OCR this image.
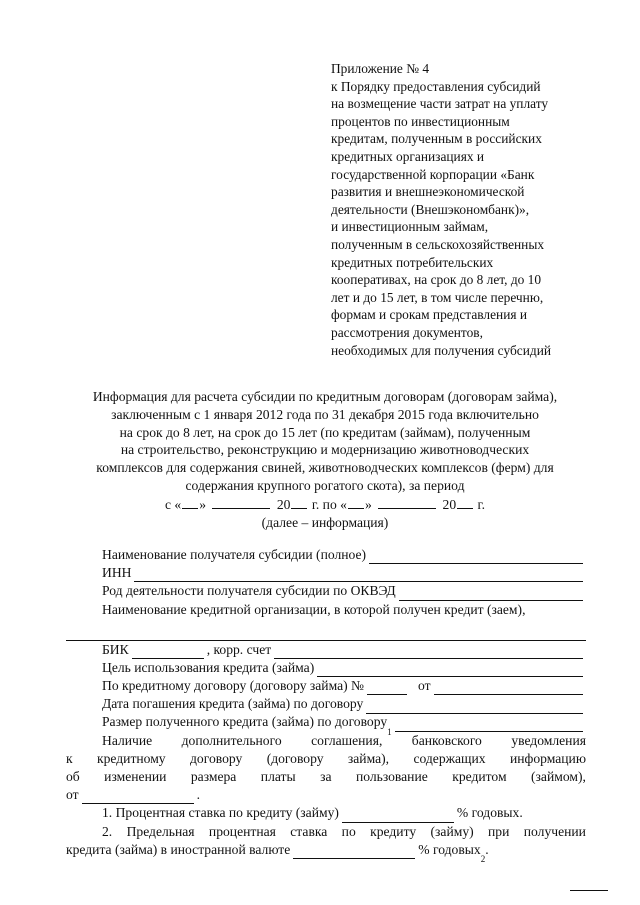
Приложение № 4
к Порядку предоставления субсидий
на возмещение части затрат на уплату
процентов по инвестиционным
кредитам, полученным в российских
кредитных организациях и
государственной корпорации «Банк
развития и внешнеэкономической
деятельности (Внешэкономбанк)»,
и инвестиционным займам,
полученным в сельскохозяйственных
кредитных потребительских
кооперативах, на срок до 8 лет, до 10
лет и до 15 лет, в том числе перечню,
формам и срокам представления и
рассмотрения документов,
необходимых для получения субсидий
Информация для расчета субсидии по кредитным договорам (договорам займа),
заключенным с 1 января 2012 года по 31 декабря 2015 года включительно
на срок до 8 лет, на срок до 15 лет (по кредитам (займам), полученным
на строительство, реконструкцию и модернизацию животноводческих
комплексов для содержания свиней, животноводческих комплексов (ферм) для
содержания крупного рогатого скота), за период
с « »	20 г. по « »	20 г.
(далее – информация)
Наименование получателя субсидии (полное)
ИНН
Род деятельности получателя субсидии по ОКВЭД
Наименование кредитной организации, в которой получен кредит (заем),
БИК	, корр. счет
Цель использования кредита (займа)
По кредитному договору (договору займа) №	от
Дата погашения кредита (займа) по договору
Размер полученного кредита (займа) по договору
1
Наличие дополнительного соглашения, банковского уведомления
к кредитному договору (договору займа), содержащих информацию
об изменении размера платы за пользование кредитом (займом),
от	.
1. Процентная ставка по кредиту (займу)	% годовых.
2. Предельная процентная ставка по кредиту (займу) при получении
кредита (займа) в иностранной валюте	% годовых
2
.
